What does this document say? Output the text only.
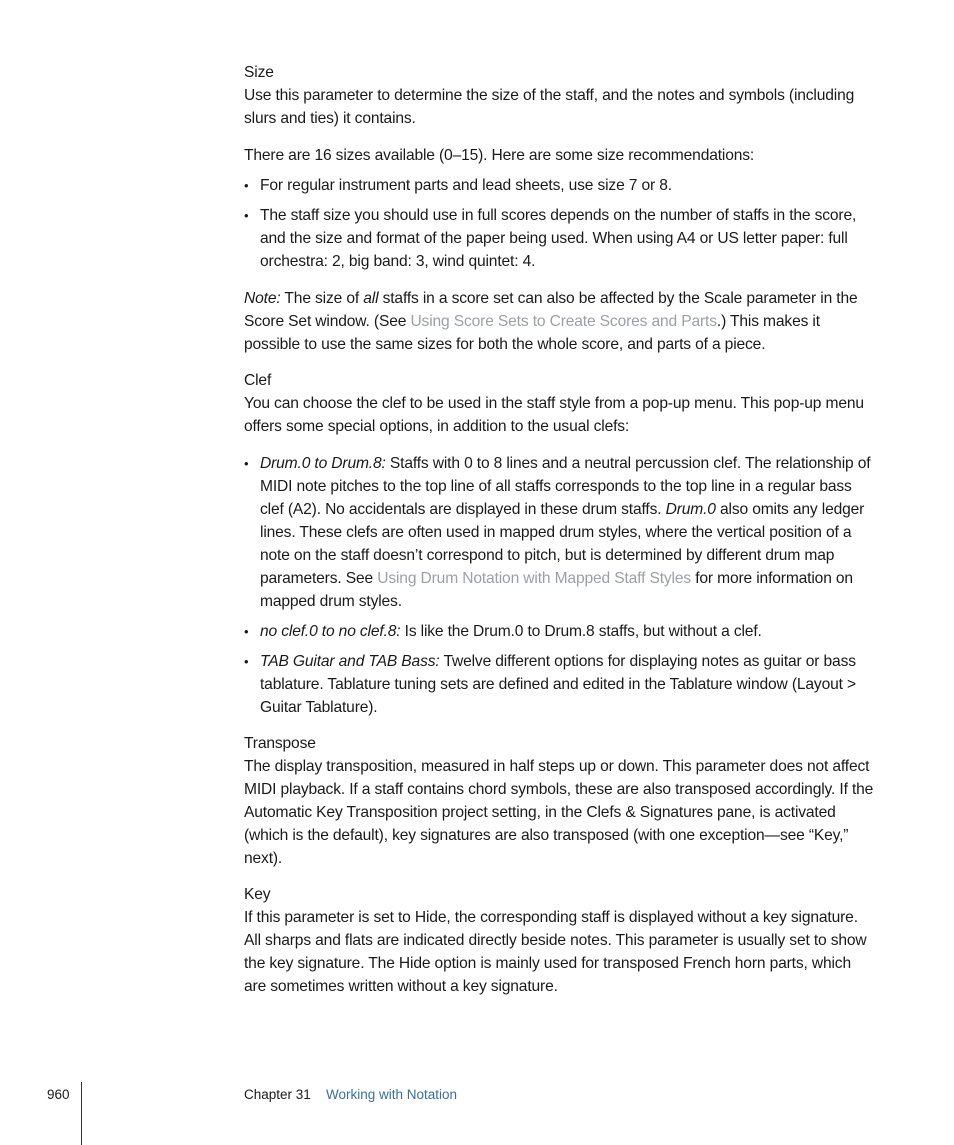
Size

Use this parameter to determine the size of the staff, and the notes and symbols (including slurs and ties) it contains.

There are 16 sizes available (0–15). Here are some size recommendations:

• For regular instrument parts and lead sheets, use size 7 or 8.
• The staff size you should use in full scores depends on the number of staffs in the score, and the size and format of the paper being used. When using A4 or US letter paper: full orchestra: 2, big band: 3, wind quintet: 4.

Note: The size of all staffs in a score set can also be affected by the Scale parameter in the Score Set window. (See Using Score Sets to Create Scores and Parts.) This makes it possible to use the same sizes for both the whole score, and parts of a piece.

Clef

You can choose the clef to be used in the staff style from a pop-up menu. This pop-up menu offers some special options, in addition to the usual clefs:

• Drum.0 to Drum.8: Staffs with 0 to 8 lines and a neutral percussion clef. The relationship of MIDI note pitches to the top line of all staffs corresponds to the top line in a regular bass clef (A2). No accidentals are displayed in these drum staffs. Drum.0 also omits any ledger lines. These clefs are often used in mapped drum styles, where the vertical position of a note on the staff doesn’t correspond to pitch, but is determined by different drum map parameters. See Using Drum Notation with Mapped Staff Styles for more information on mapped drum styles.
• no clef.0 to no clef.8: Is like the Drum.0 to Drum.8 staffs, but without a clef.
• TAB Guitar and TAB Bass: Twelve different options for displaying notes as guitar or bass tablature. Tablature tuning sets are defined and edited in the Tablature window (Layout > Guitar Tablature).
Transpose

The display transposition, measured in half steps up or down. This parameter does not affect MIDI playback. If a staff contains chord symbols, these are also transposed accordingly. If the Automatic Key Transposition project setting, in the Clefs & Signatures pane, is activated (which is the default), key signatures are also transposed (with one exception—see “Key,” next).

Key

If this parameter is set to Hide, the corresponding staff is displayed without a key signature. All sharps and flats are indicated directly beside notes. This parameter is usually set to show the key signature. The Hide option is mainly used for transposed French horn parts, which are sometimes written without a key signature.

960	Chapter 31 Working with Notation
